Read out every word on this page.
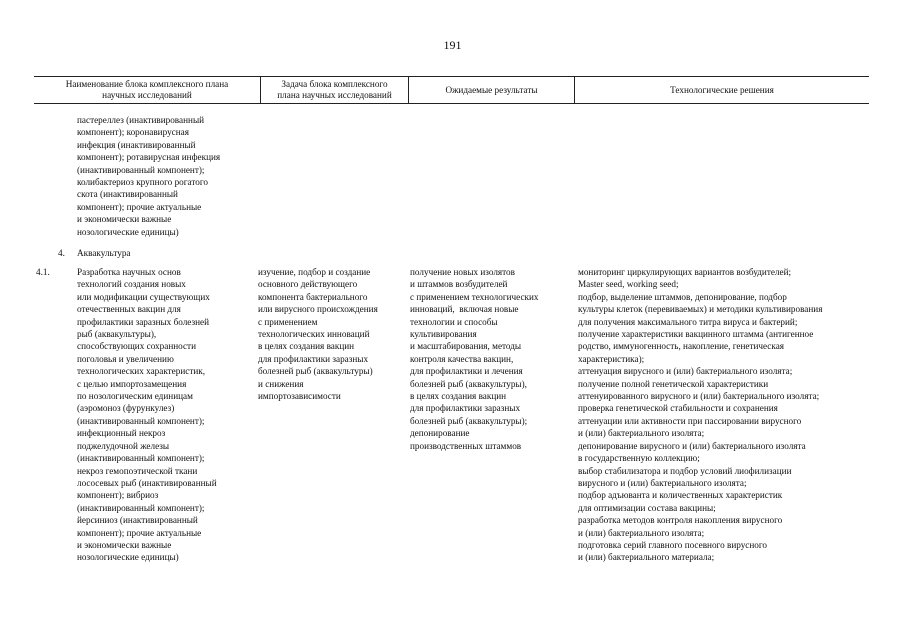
191
Наименование блока комплексного плана
научных исследований
Задача блока комплексного
плана научных исследований
Ожидаемые результаты	Технологические решения
пастереллез (инактивированный
компонент); коронавирусная
инфекция (инактивированный
компонент); ротавирусная инфекция
(инактивированный компонент);
колибактериоз крупного рогатого
скота (инактивированный
компонент); прочие актуальные
и экономически важные
нозологические единицы)
4. Аквакультура
4.1.	Разработка научных основ
технологий создания новых
или модификации существующих
отечественных вакцин для
профилактики заразных болезней
рыб (аквакультуры),
способствующих сохранности
поголовья и увеличению
технологических характеристик,
с целью импортозамещения
по нозологическим единицам
(аэромоноз (фурункулез)
(инактивированный компонент);
инфекционный некроз
поджелудочной железы
(инактивированный компонент);
некроз гемопоэтической ткани
лососевых рыб (инактивированный
компонент); вибриоз
(инактивированный компонент);
йерсиниоз (инактивированный
компонент); прочие актуальные
и экономически важные
нозологические единицы)
изучение, подбор и создание
основного действующего
компонента бактериального
или вирусного происхождения
с применением
технологических инноваций
в целях создания вакцин
для профилактики заразных
болезней рыб (аквакультуры)
и снижения
импортозависимости
получение новых изолятов
и штаммов возбудителей
с применением технологических
инноваций,  включая новые
технологии и способы
культивирования
и масштабирования, методы
контроля качества вакцин,
для профилактики и лечения
болезней рыб (аквакультуры),
в целях создания вакцин
для профилактики заразных
болезней рыб (аквакультуры);
депонирование
производственных штаммов
мониторинг циркулирующих вариантов возбудителей;
Master seed, working seed;
подбор, выделение штаммов, депонирование, подбор
культуры клеток (перевиваемых) и методики культивирования
для получения максимального титра вируса и бактерий;
получение характеристики вакцинного штамма (антигенное
родство, иммуногенность, накопление, генетическая
характеристика);
аттенуация вирусного и (или) бактериального изолята;
получение полной генетической характеристики
аттенуированного вирусного и (или) бактериального изолята;
проверка генетической стабильности и сохранения
аттенуации или активности при пассировании вирусного
и (или) бактериального изолята;
депонирование вирусного и (или) бактериального изолята
в государственную коллекцию;
выбор стабилизатора и подбор условий лиофилизации
вирусного и (или) бактериального изолята;
подбор адъюванта и количественных характеристик
для оптимизации состава вакцины;
разработка методов контроля накопления вирусного
и (или) бактериального изолята;
подготовка серий главного посевного вирусного
и (или) бактериального материала;
